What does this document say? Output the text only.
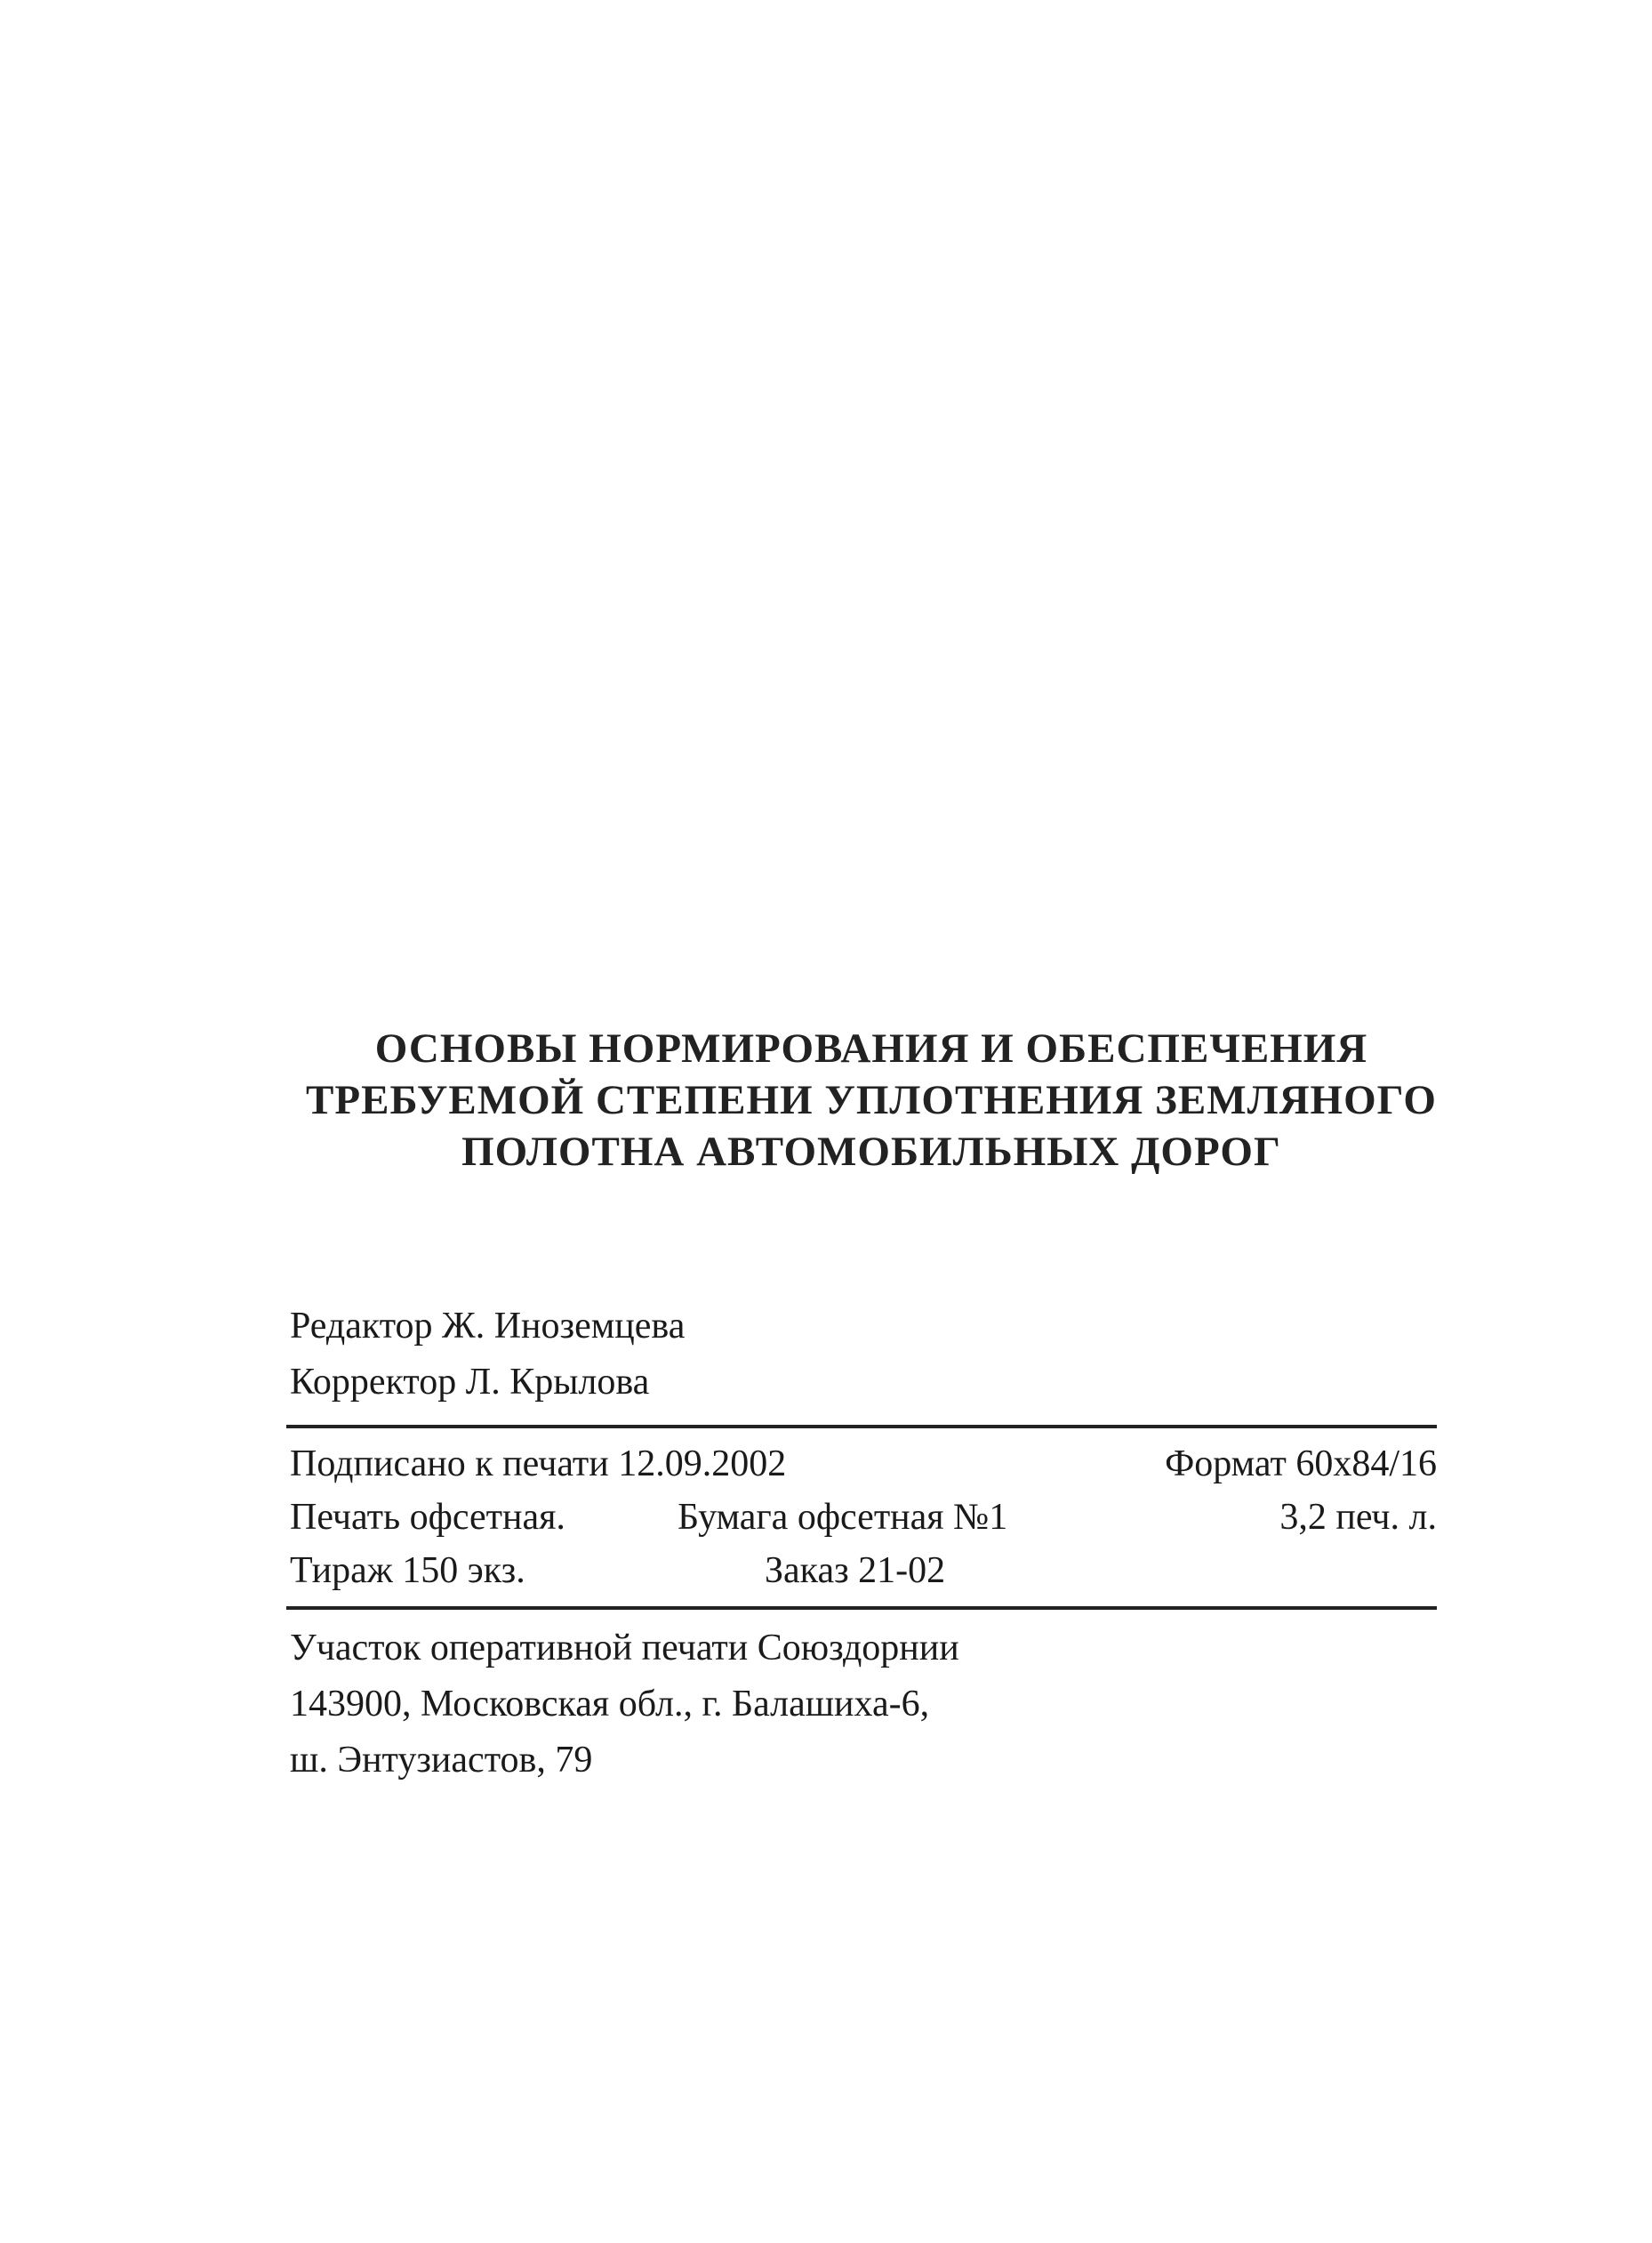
ОСНОВЫ НОРМИРОВАНИЯ И ОБЕСПЕЧЕНИЯ
ТРЕБУЕМОЙ СТЕПЕНИ УПЛОТНЕНИЯ ЗЕМЛЯНОГО
ПОЛОТНА АВТОМОБИЛЬНЫХ ДОРОГ
Редактор Ж. Иноземцева
Корректор Л. Крылова
Подписано к печати 12.09.2002	Формат 60х84/16
Печать офсетная.	Бумага офсетная №1	3,2 печ. л.
Тираж 150 экз.	Заказ 21-02
Участок оперативной печати Союздорнии
143900, Московская обл., г. Балашиха-6,
ш. Энтузиастов, 79
